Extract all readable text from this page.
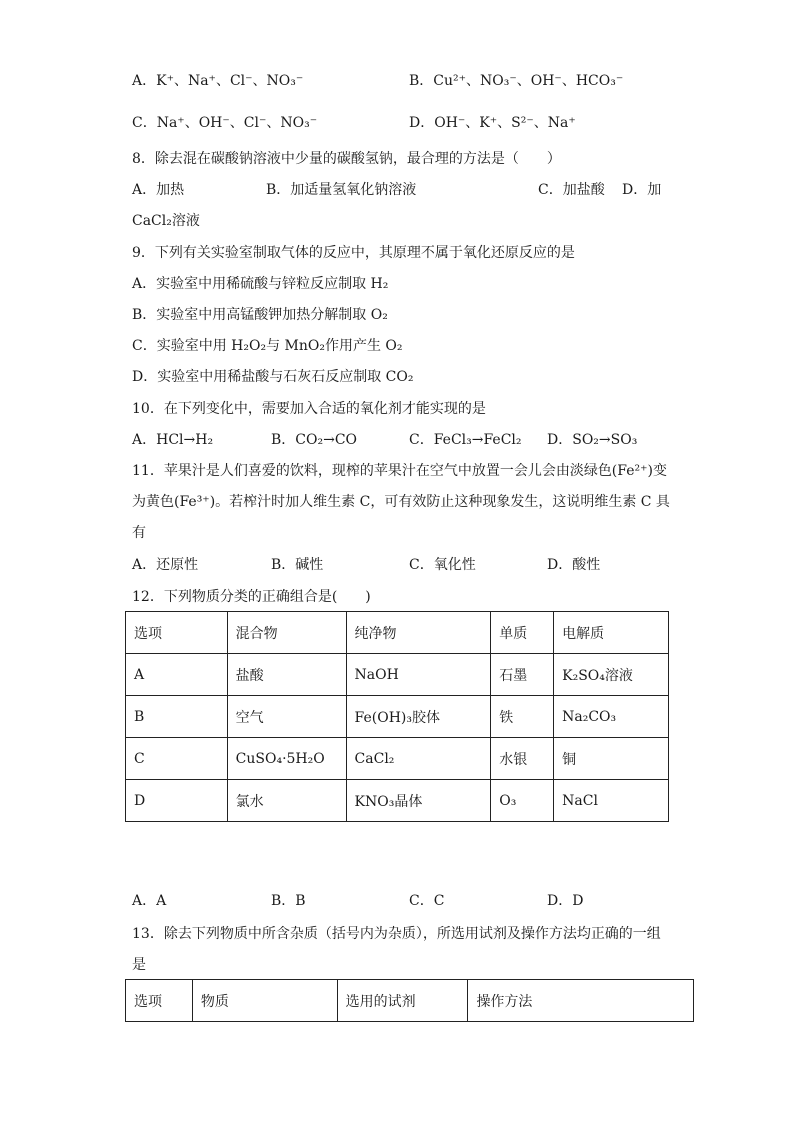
A．K⁺、Na⁺、Cl⁻、NO₃⁻	B．Cu²⁺、NO₃⁻、OH⁻、HCO₃⁻
C．Na⁺、OH⁻、Cl⁻、NO₃⁻	D．OH⁻、K⁺、S²⁻、Na⁺
8．除去混在碳酸钠溶液中少量的碳酸氢钠，最合理的方法是（　　）
A．加热	B．加适量氢氧化钠溶液	C．加盐酸 D．加
CaCl₂溶液
9．下列有关实验室制取气体的反应中，其原理不属于氧化还原反应的是
A．实验室中用稀硫酸与锌粒反应制取 H₂
B．实验室中用高锰酸钾加热分解制取 O₂
C．实验室中用 H₂O₂与 MnO₂作用产生 O₂
D．实验室中用稀盐酸与石灰石反应制取 CO₂
10．在下列变化中，需要加入合适的氧化剂才能实现的是
A．HCl→H₂	B．CO₂→CO	C．FeCl₃→FeCl₂ D．SO₂→SO₃
11．苹果汁是人们喜爱的饮料，现榨的苹果汁在空气中放置一会儿会由淡绿色(Fe²⁺)变
为黄色(Fe³⁺)。若榨汁时加人维生素 C，可有效防止这种现象发生，这说明维生素 C 具
有
A．还原性	B．碱性	C．氧化性	D．酸性
12．下列物质分类的正确组合是(　　)
选项	混合物	纯净物	单质	电解质
A	盐酸	NaOH	石墨	K₂SO₄溶液
B	空气	Fe(OH)₃胶体	铁	Na₂CO₃
C	CuSO₄·5H₂O	CaCl₂	水银	铜
D	氯水	KNO₃晶体	O₃	NaCl
A．A	B．B	C．C	D．D
13．除去下列物质中所含杂质（括号内为杂质），所选用试剂及操作方法均正确的一组
是
选项	物质	选用的试剂	操作方法
